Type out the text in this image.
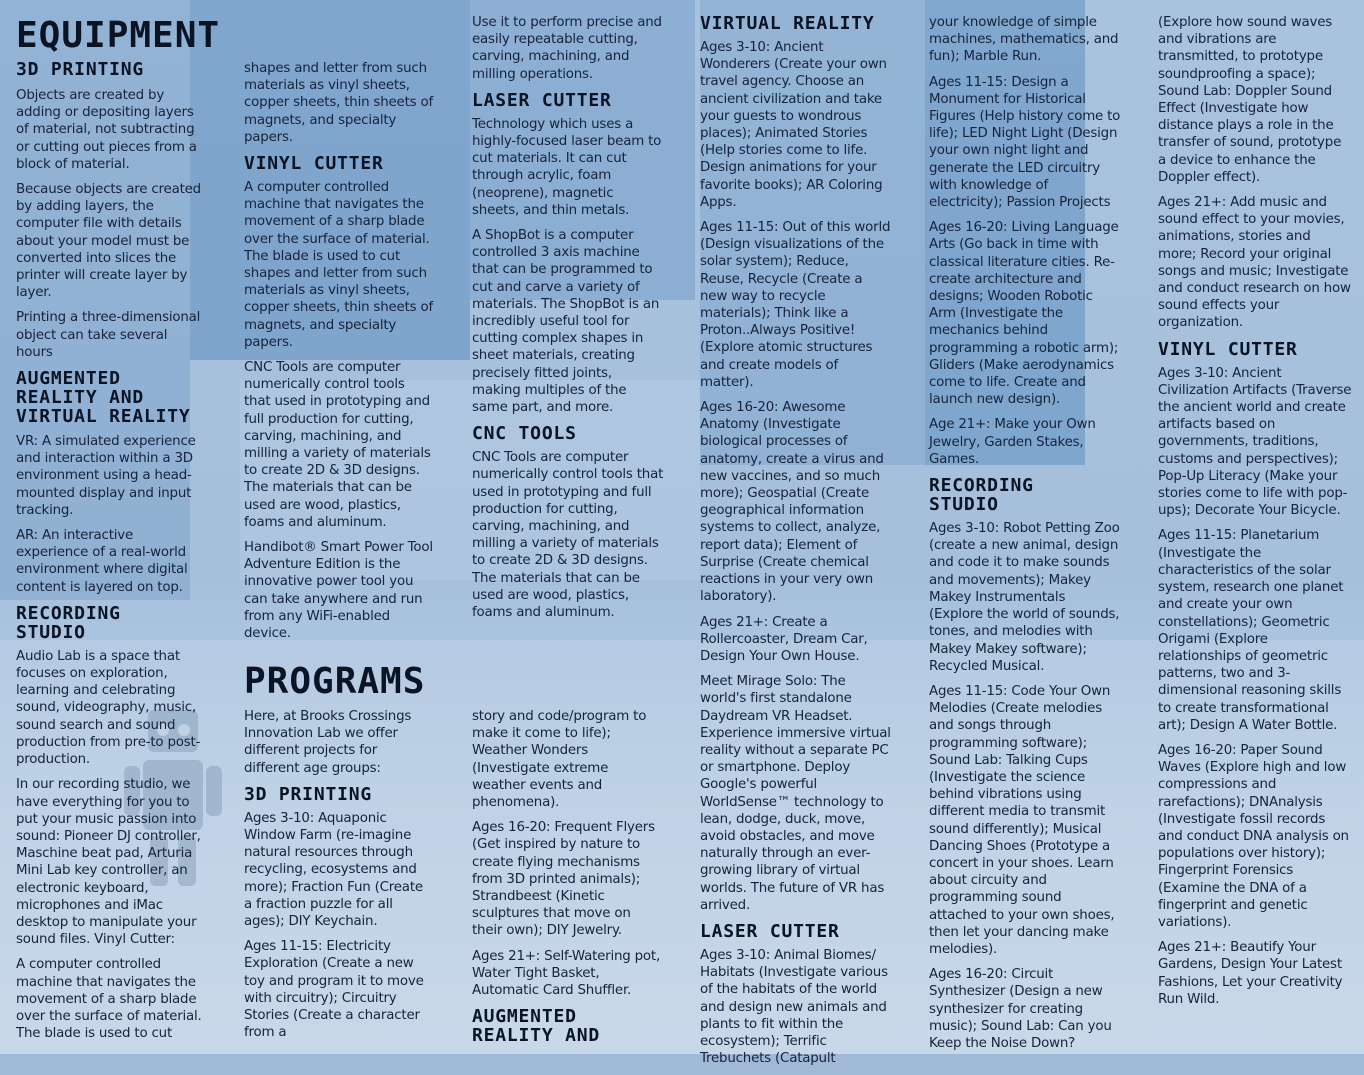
EQUIPMENT
PROGRAMS
3D PRINTING

Objects are created by adding or depositing layers of material, not subtracting or cutting out pieces from a block of material.

Because objects are created by adding layers, the computer file with details about your model must be converted into slices the printer will create layer by layer.

Printing a three-dimensional object can take several hours

AUGMENTED
REALITY AND
VIRTUAL REALITY

VR: A simulated experience and interaction within a 3D environment using a head-mounted display and input tracking.

AR: An interactive experience of a real-world environment where digital content is layered on top.

RECORDING
STUDIO

Audio Lab is a space that focuses on exploration, learning and celebrating sound, videography, music, sound search and sound production from pre-to post-production.

In our recording studio, we have everything for you to put your music passion into sound: Pioneer DJ controller, Maschine beat pad, Arturia Mini Lab key controller, an electronic keyboard, microphones and iMac desktop to manipulate your sound files. Vinyl Cutter:

A computer controlled machine that navigates the movement of a sharp blade over the surface of material. The blade is used to cut

shapes and letter from such materials as vinyl sheets, copper sheets, thin sheets of magnets, and specialty papers.

VINYL CUTTER

A computer controlled machine that navigates the movement of a sharp blade over the surface of material. The blade is used to cut shapes and letter from such materials as vinyl sheets, copper sheets, thin sheets of magnets, and specialty papers.

CNC Tools are computer numerically control tools that used in prototyping and full production for cutting, carving, machining, and milling a variety of materials to create 2D & 3D designs. The materials that can be used are wood, plastics, foams and aluminum.

Handibot® Smart Power Tool Adventure Edition is the innovative power tool you can take anywhere and run from any WiFi-enabled device.

Here, at Brooks Crossings Innovation Lab we offer different projects for different age groups:

3D PRINTING

Ages 3-10: Aquaponic Window Farm (re-imagine natural resources through recycling, ecosystems and more); Fraction Fun (Create a fraction puzzle for all ages); DIY Keychain.

Ages 11-15: Electricity Exploration (Create a new toy and program it to move with circuitry); Circuitry Stories (Create a character from a

Use it to perform precise and easily repeatable cutting, carving, machining, and milling operations.

LASER CUTTER

Technology which uses a highly-focused laser beam to cut materials. It can cut through acrylic, foam (neoprene), magnetic sheets, and thin metals.

A ShopBot is a computer controlled 3 axis machine that can be programmed to cut and carve a variety of materials. The ShopBot is an incredibly useful tool for cutting complex shapes in sheet materials, creating precisely fitted joints, making multiples of the same part, and more.

CNC TOOLS

CNC Tools are computer numerically control tools that used in prototyping and full production for cutting, carving, machining, and milling a variety of materials to create 2D & 3D designs. The materials that can be used are wood, plastics, foams and aluminum.

story and code/program to make it come to life); Weather Wonders (Investigate extreme weather events and phenomena).

Ages 16-20: Frequent Flyers (Get inspired by nature to create flying mechanisms from 3D printed animals); Strandbeest (Kinetic sculptures that move on their own); DIY Jewelry.

Ages 21+: Self-Watering pot, Water Tight Basket, Automatic Card Shuffler.

AUGMENTED
REALITY AND
VIRTUAL REALITY

Ages 3-10: Ancient Wonderers (Create your own travel agency. Choose an ancient civilization and take your guests to wondrous places); Animated Stories (Help stories come to life. Design animations for your favorite books); AR Coloring Apps.

Ages 11-15: Out of this world (Design visualizations of the solar system); Reduce, Reuse, Recycle (Create a new way to recycle materials); Think like a Proton..Always Positive! (Explore atomic structures and create models of matter).

Ages 16-20: Awesome Anatomy (Investigate biological processes of anatomy, create a virus and new vaccines, and so much more); Geospatial (Create geographical information systems to collect, analyze, report data); Element of Surprise (Create chemical reactions in your very own laboratory).

Ages 21+: Create a Rollercoaster, Dream Car, Design Your Own House.

Meet Mirage Solo: The world's first standalone Daydream VR Headset. Experience immersive virtual reality without a separate PC or smartphone. Deploy Google's powerful WorldSense™ technology to lean, dodge, duck, move, avoid obstacles, and move naturally through an ever-growing library of virtual worlds. The future of VR has arrived.

LASER CUTTER

Ages 3-10: Animal Biomes/ Habitats (Investigate various of the habitats of the world and design new animals and plants to fit within the ecosystem); Terrific Trebuchets (Catapult

your knowledge of simple machines, mathematics, and fun); Marble Run.

Ages 11-15: Design a Monument for Historical Figures (Help history come to life); LED Night Light (Design your own night light and generate the LED circuitry with knowledge of electricity); Passion Projects

Ages 16-20: Living Language Arts (Go back in time with classical literature cities. Re-create architecture and designs; Wooden Robotic Arm (Investigate the mechanics behind programming a robotic arm); Gliders (Make aerodynamics come to life. Create and launch new design).

Age 21+: Make your Own Jewelry, Garden Stakes, Games.

RECORDING
STUDIO

Ages 3-10: Robot Petting Zoo (create a new animal, design and code it to make sounds and movements); Makey Makey Instrumentals (Explore the world of sounds, tones, and melodies with Makey Makey software); Recycled Musical.

Ages 11-15: Code Your Own Melodies (Create melodies and songs through programming software); Sound Lab: Talking Cups (Investigate the science behind vibrations using different media to transmit sound differently); Musical Dancing Shoes (Prototype a concert in your shoes. Learn about circuity and programming sound attached to your own shoes, then let your dancing make melodies).

Ages 16-20: Circuit Synthesizer (Design a new synthesizer for creating music); Sound Lab: Can you Keep the Noise Down?

(Explore how sound waves and vibrations are transmitted, to prototype soundproofing a space); Sound Lab: Doppler Sound Effect (Investigate how distance plays a role in the transfer of sound, prototype a device to enhance the Doppler effect).

Ages 21+: Add music and sound effect to your movies, animations, stories and more; Record your original songs and music; Investigate and conduct research on how sound effects your organization.

VINYL CUTTER

Ages 3-10: Ancient Civilization Artifacts (Traverse the ancient world and create artifacts based on governments, traditions, customs and perspectives); Pop-Up Literacy (Make your stories come to life with pop-ups); Decorate Your Bicycle.

Ages 11-15: Planetarium (Investigate the characteristics of the solar system, research one planet and create your own constellations); Geometric Origami (Explore relationships of geometric patterns, two and 3-dimensional reasoning skills to create transformational art); Design A Water Bottle.

Ages 16-20: Paper Sound Waves (Explore high and low compressions and rarefactions); DNAnalysis (Investigate fossil records and conduct DNA analysis on populations over history); Fingerprint Forensics (Examine the DNA of a fingerprint and genetic variations).

Ages 21+: Beautify Your Gardens, Design Your Latest Fashions, Let your Creativity Run Wild.
